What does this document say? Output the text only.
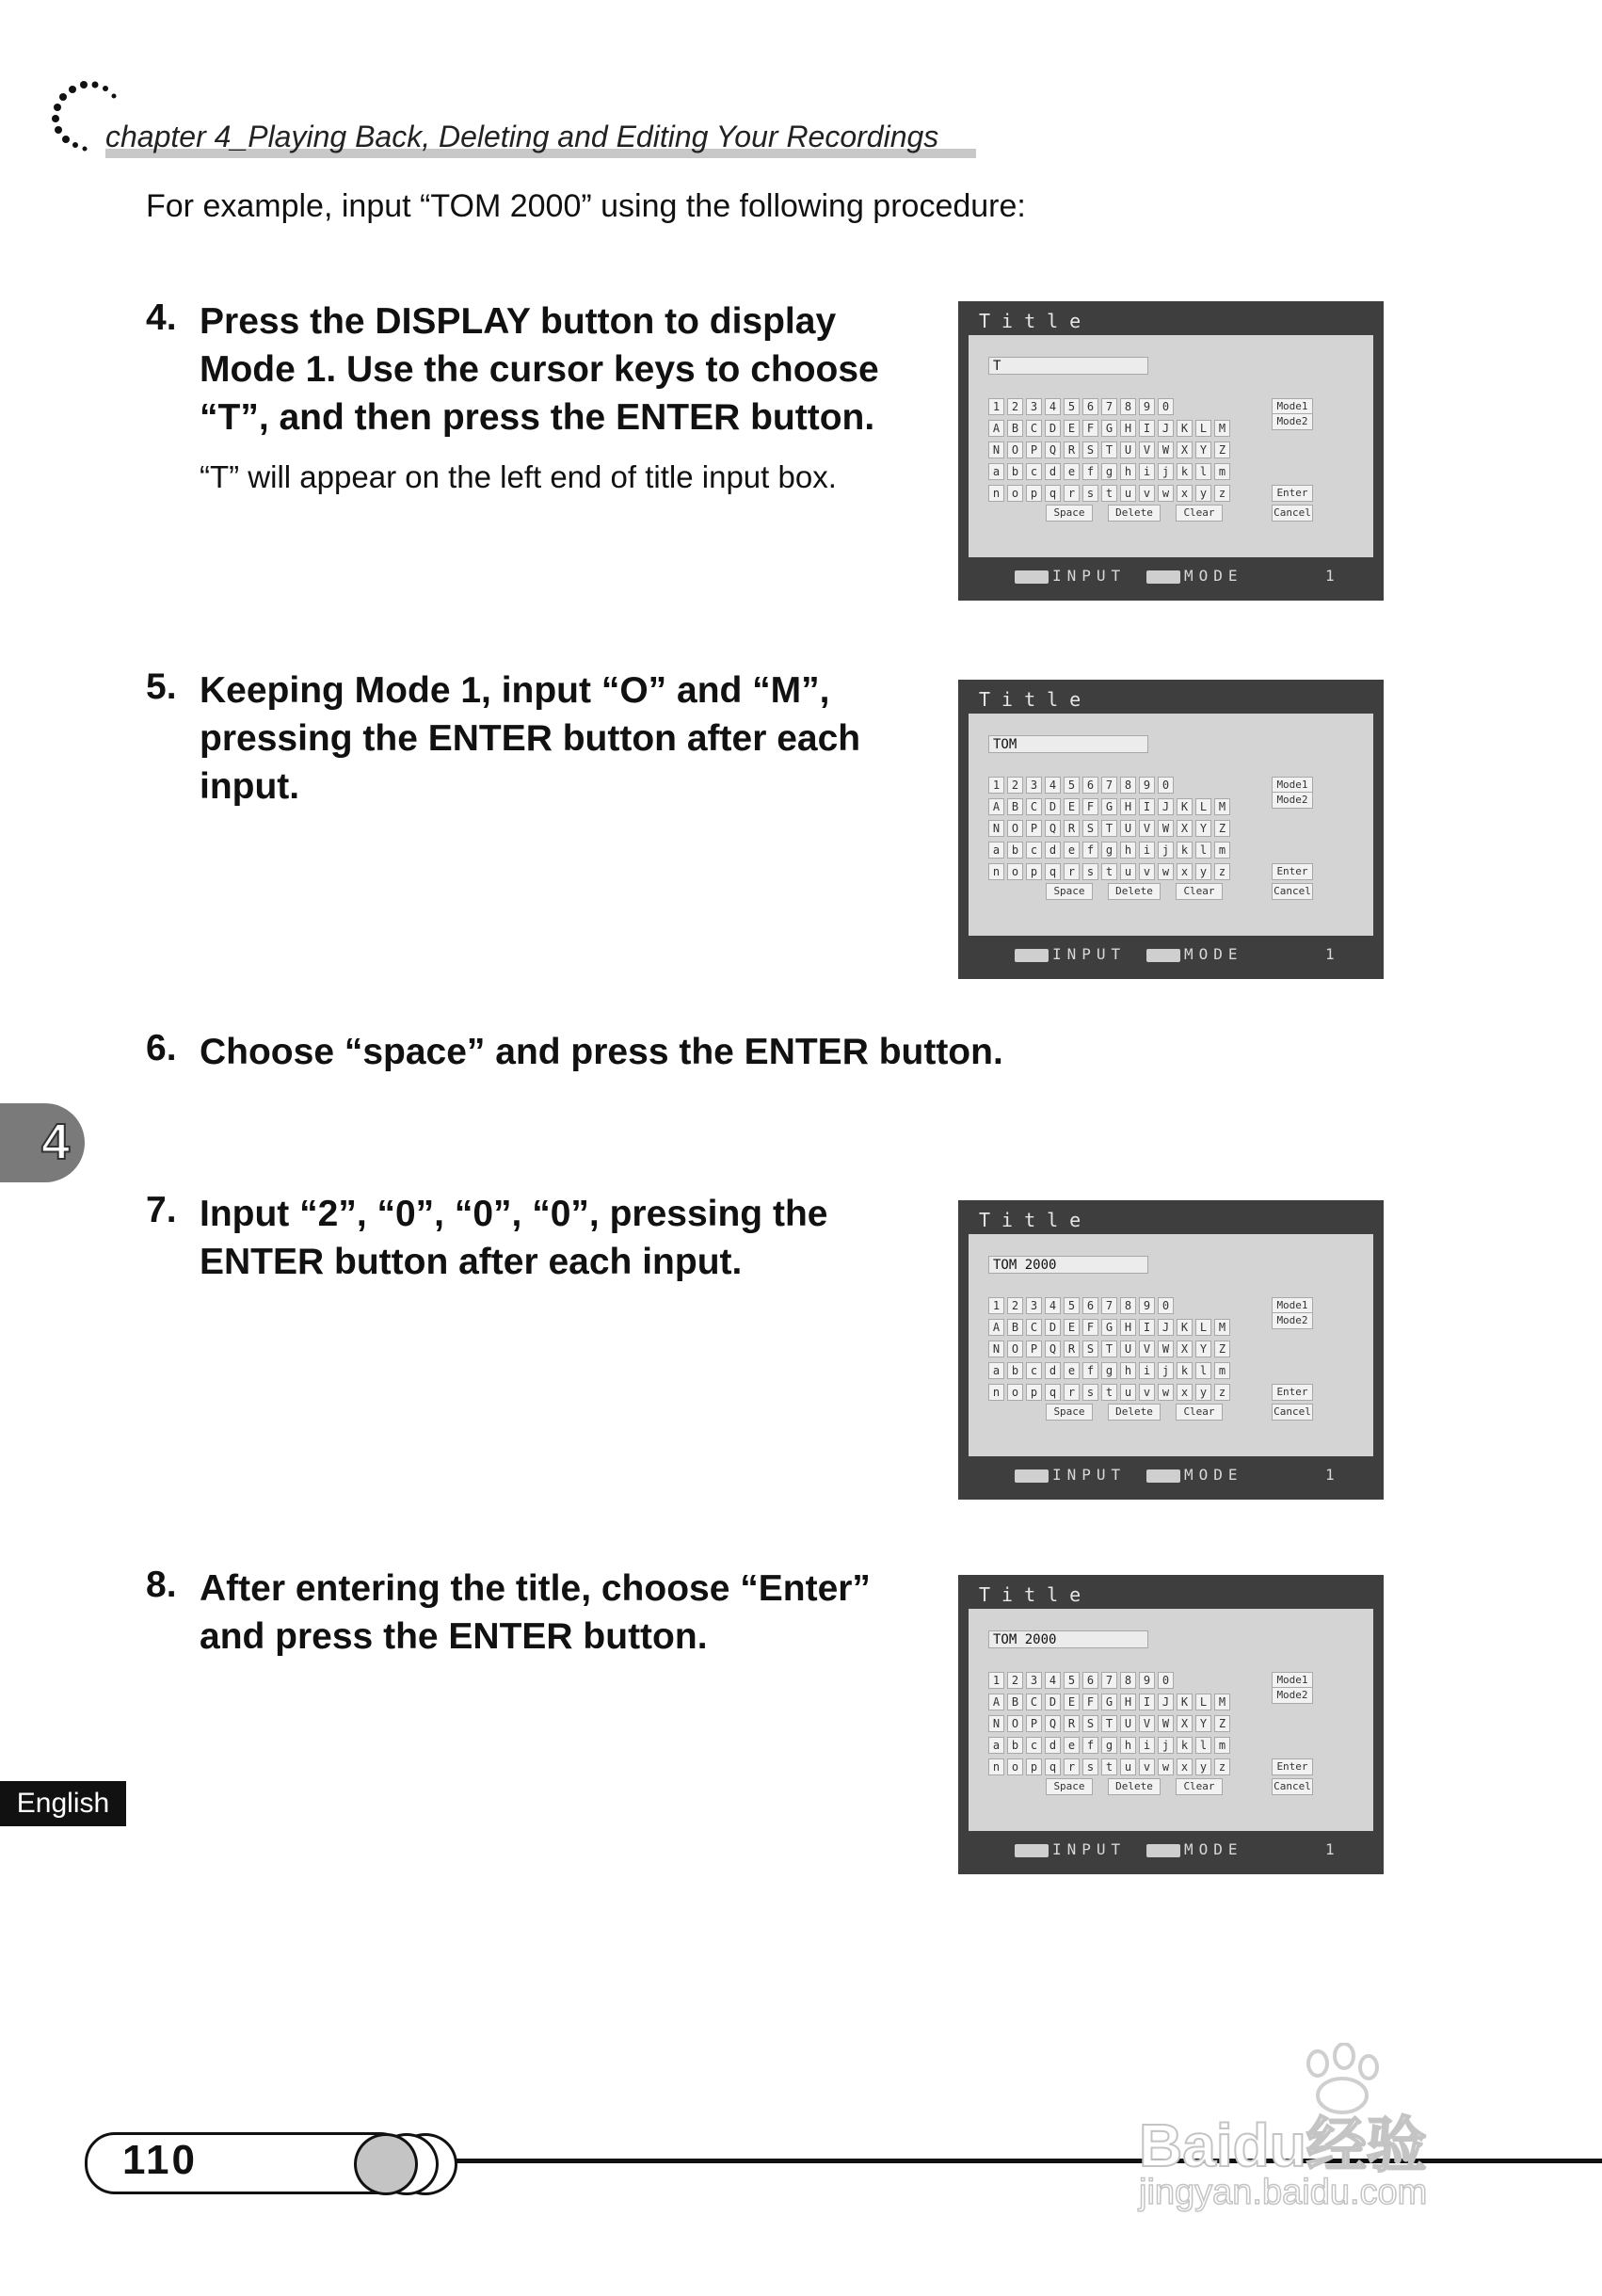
chapter 4_Playing Back, Deleting and Editing Your Recordings
For example, input “TOM 2000” using the following procedure:
4. Press the DISPLAY button to display
Mode 1. Use the cursor keys to choose
“T”, and then press the ENTER button.
“T” will appear on the left end of title input box.
5. Keeping Mode 1, input “O” and “M”,
pressing the ENTER button after each
input.
6. Choose “space” and press the ENTER button.
7. Input “2”, “0”, “0”, “0”, pressing the
ENTER button after each input.
8. After entering the title, choose “Enter”
and press the ENTER button.
Title
T
1	2	3	4	5	6	7	8	9	0
A	B	C	D	E	F	G	H	I	J	K	L	M
N	O	P	Q	R	S	T	U	V	W	X	Y	Z
a	b	c	d	e	f	g	h	i	j	k	l	m
n	o	p	q	r	s	t	u	v	w	x	y	z
Mode1
Mode2
Enter
Space	Delete	Clear	Cancel
INPUT	MODE	1
Title
TOM
1	2	3	4	5	6	7	8	9	0
A	B	C	D	E	F	G	H	I	J	K	L	M
N	O	P	Q	R	S	T	U	V	W	X	Y	Z
a	b	c	d	e	f	g	h	i	j	k	l	m
n	o	p	q	r	s	t	u	v	w	x	y	z
Mode1
Mode2
Enter
Space	Delete	Clear	Cancel
INPUT	MODE	1
Title
TOM 2000
1	2	3	4	5	6	7	8	9	0
A	B	C	D	E	F	G	H	I	J	K	L	M
N	O	P	Q	R	S	T	U	V	W	X	Y	Z
a	b	c	d	e	f	g	h	i	j	k	l	m
n	o	p	q	r	s	t	u	v	w	x	y	z
Mode1
Mode2
Enter
Space	Delete	Clear	Cancel
INPUT	MODE	1
Title
TOM 2000
1	2	3	4	5	6	7	8	9	0
A	B	C	D	E	F	G	H	I	J	K	L	M
N	O	P	Q	R	S	T	U	V	W	X	Y	Z
a	b	c	d	e	f	g	h	i	j	k	l	m
n	o	p	q	r	s	t	u	v	w	x	y	z
Mode1
Mode2
Enter
Space	Delete	Clear	Cancel
INPUT	MODE	1
4
English
110	Baidu经验
jingyan.baidu.com
